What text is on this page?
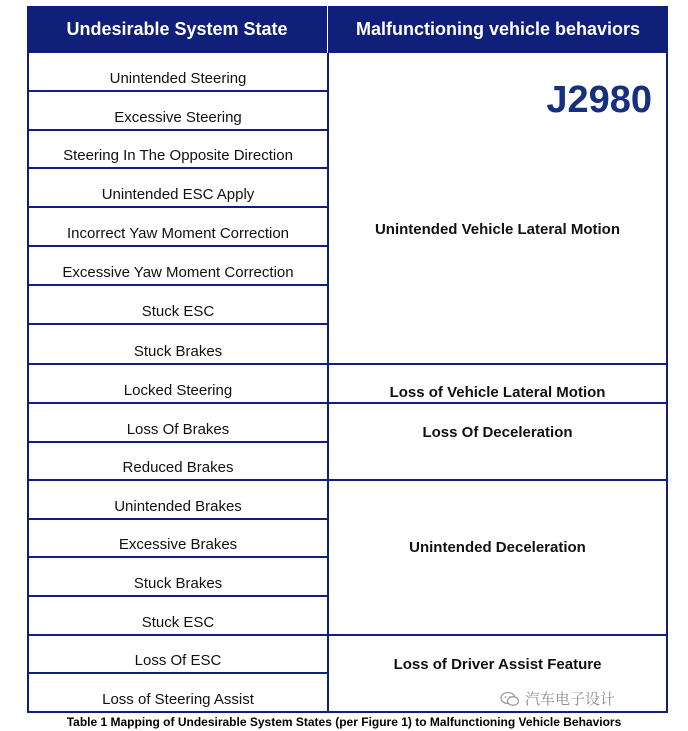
Undesirable System State	Malfunctioning vehicle behaviors
Unintended Steering
Excessive Steering
Steering In The Opposite Direction
Unintended ESC Apply
Incorrect Yaw Moment Correction
Excessive Yaw Moment Correction
Stuck ESC
Stuck Brakes
Locked Steering
Loss Of Brakes
Reduced Brakes
Unintended Brakes
Excessive Brakes
Stuck Brakes
Stuck ESC
Loss Of ESC
Loss of Steering Assist
J2980
Unintended Vehicle Lateral Motion
Loss of Vehicle Lateral Motion
Loss Of Deceleration
Unintended Deceleration
Loss of Driver Assist Feature
汽车电子设计
Table 1 Mapping of Undesirable System States (per Figure 1) to Malfunctioning Vehicle Behaviors
